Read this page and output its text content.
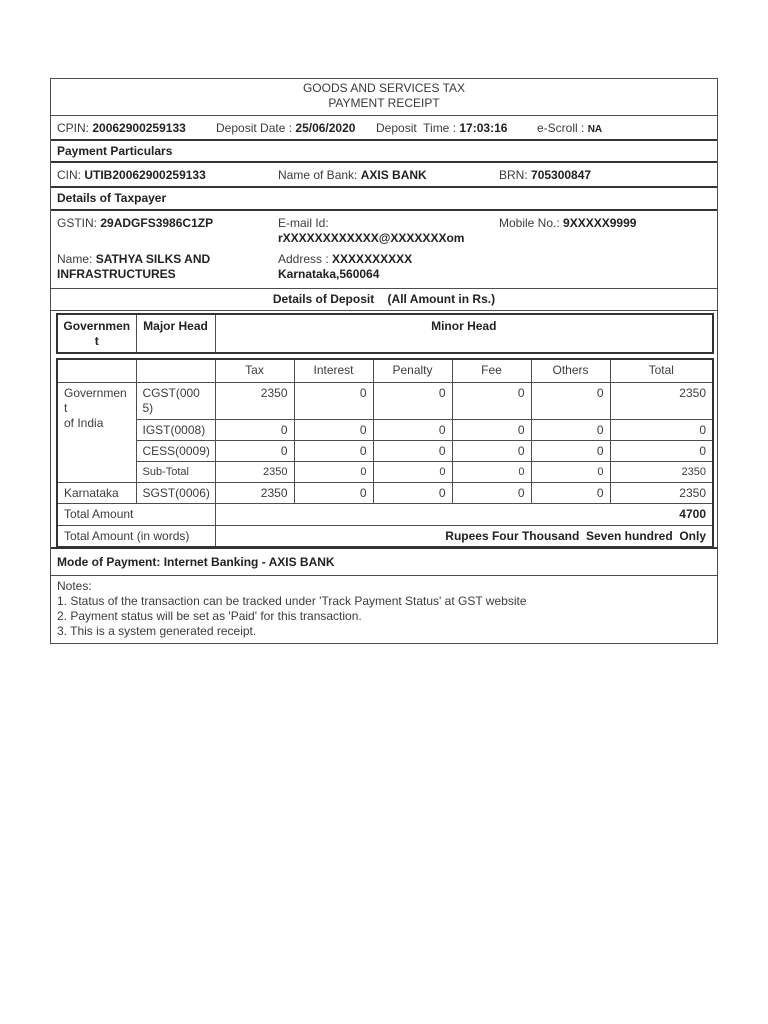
GOODS AND SERVICES TAX
PAYMENT RECEIPT
CPIN: 20062900259133	Deposit Date : 25/06/2020 Deposit  Time : 17:03:16 e-Scroll : NA
Payment Particulars
CIN: UTIB20062900259133	Name of Bank: AXIS BANK	BRN: 705300847
Details of Taxpayer
GSTIN: 29ADGFS3986C1ZP	E-mail Id: rXXXXXXXXXXXX@XXXXXXXom
Mobile No.: 9XXXXX9999
Name: SATHYA SILKS AND INFRASTRUCTURES
Address : XXXXXXXXXX Karnataka,560064
Details of Deposit    (All Amount in Rs.)
Government	Major Head	Minor Head
		Tax	Interest	Penalty	Fee	Others	Total

Government
of India	CGST(0005)	2350	0	0	0	0	2350
	IGST(0008)	0	0	0	0	0	0
	CESS(0009)	0	0	0	0	0	0
	Sub-Total	2350	0	0	0	0	2350
Karnataka	SGST(0006)	2350	0	0	0	0	2350
Total Amount		4700					
Total Amount (in words)		Rupees Four Thousand  Seven hundred  Only					
Mode of Payment: Internet Banking - AXIS BANK
Notes:
1. Status of the transaction can be tracked under 'Track Payment Status' at GST website
2. Payment status will be set as 'Paid' for this transaction.
3. This is a system generated receipt.
